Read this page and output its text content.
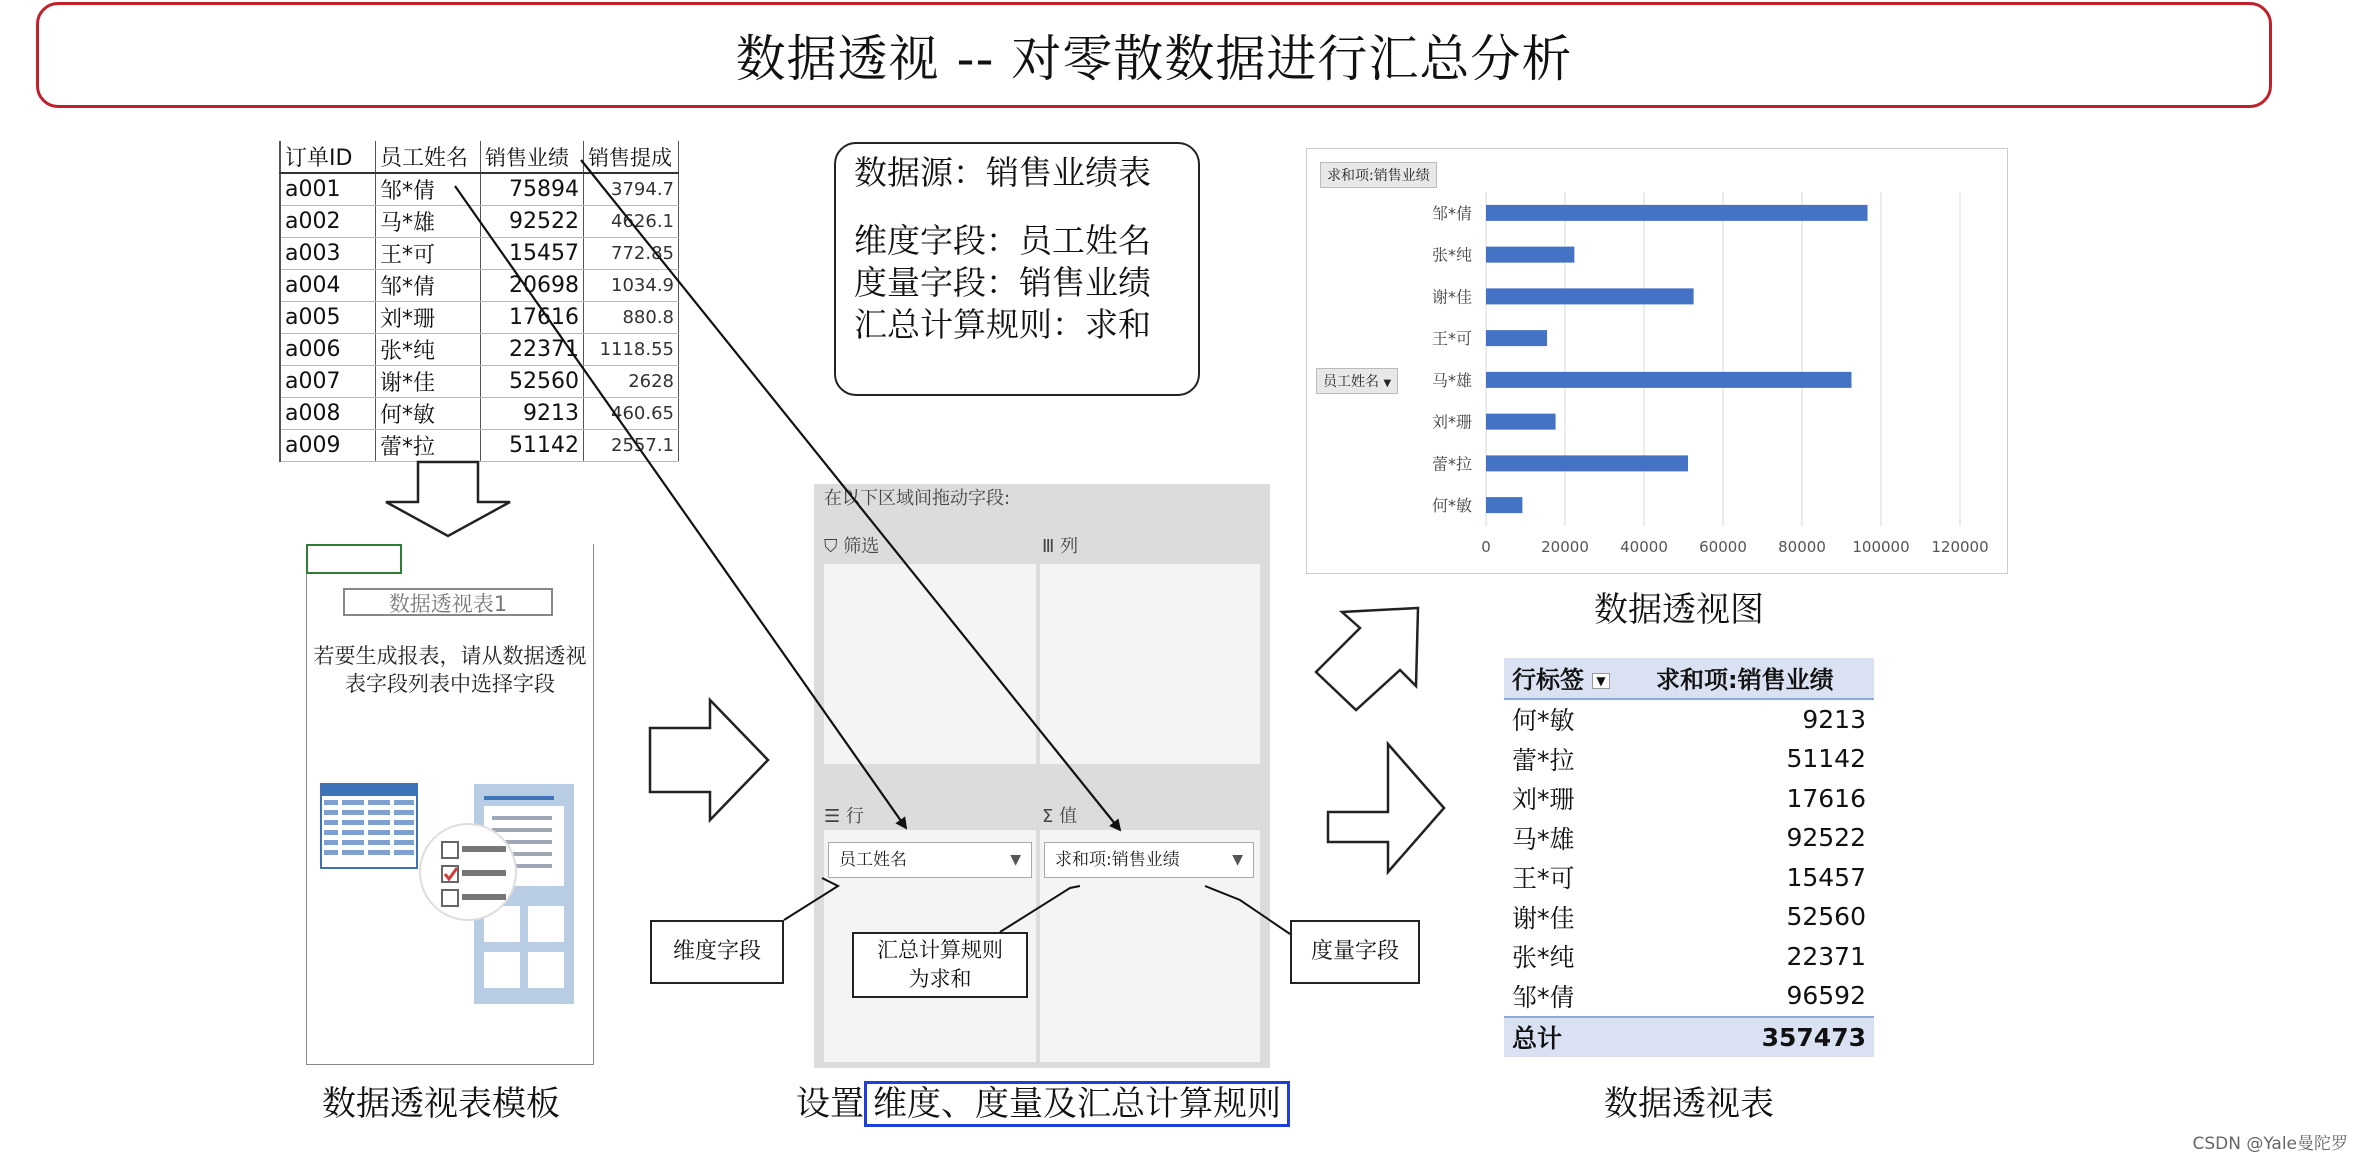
数据透视 -- 对零散数据进行汇总分析
订单ID	员工姓名	销售业绩	销售提成
a001	邹*倩	75894	3794.7
a002	马*雄	92522	4626.1
a003	王*可	15457	772.85
a004	邹*倩	20698	1034.9
a005	刘*珊	17616	880.8
a006	张*纯	22371	1118.55
a007	谢*佳	52560	2628
a008	何*敏	9213	460.65
a009	蕾*拉	51142	2557.1
数据透视表1
若要生成报表，请从数据透视表字段列表中选择字段
数据透视表模板
数据源：销售业绩表
维度字段：员工姓名
度量字段：销售业绩
汇总计算规则：求和
在以下区域间拖动字段:
⛉ 筛选	Ⅲ 列
☰ 行	Σ 值
员工姓名	▼	求和项:销售业绩	▼
维度字段	汇总计算规则为求和
度量字段
设置 维度、度量及汇总计算规则
求和项:销售业绩
员工姓名 ▼
0	20000 40000 60000 80000 100000 120000
邹*倩
张*纯
谢*佳
王*可
马*雄
刘*珊
蕾*拉
何*敏
数据透视图
行标签 ▼	求和项:销售业绩
何*敏	9213
蕾*拉	51142
刘*珊	17616
马*雄	92522
王*可	15457
谢*佳	52560
张*纯	22371
邹*倩	96592
总计	357473
数据透视表
CSDN @Yale曼陀罗
